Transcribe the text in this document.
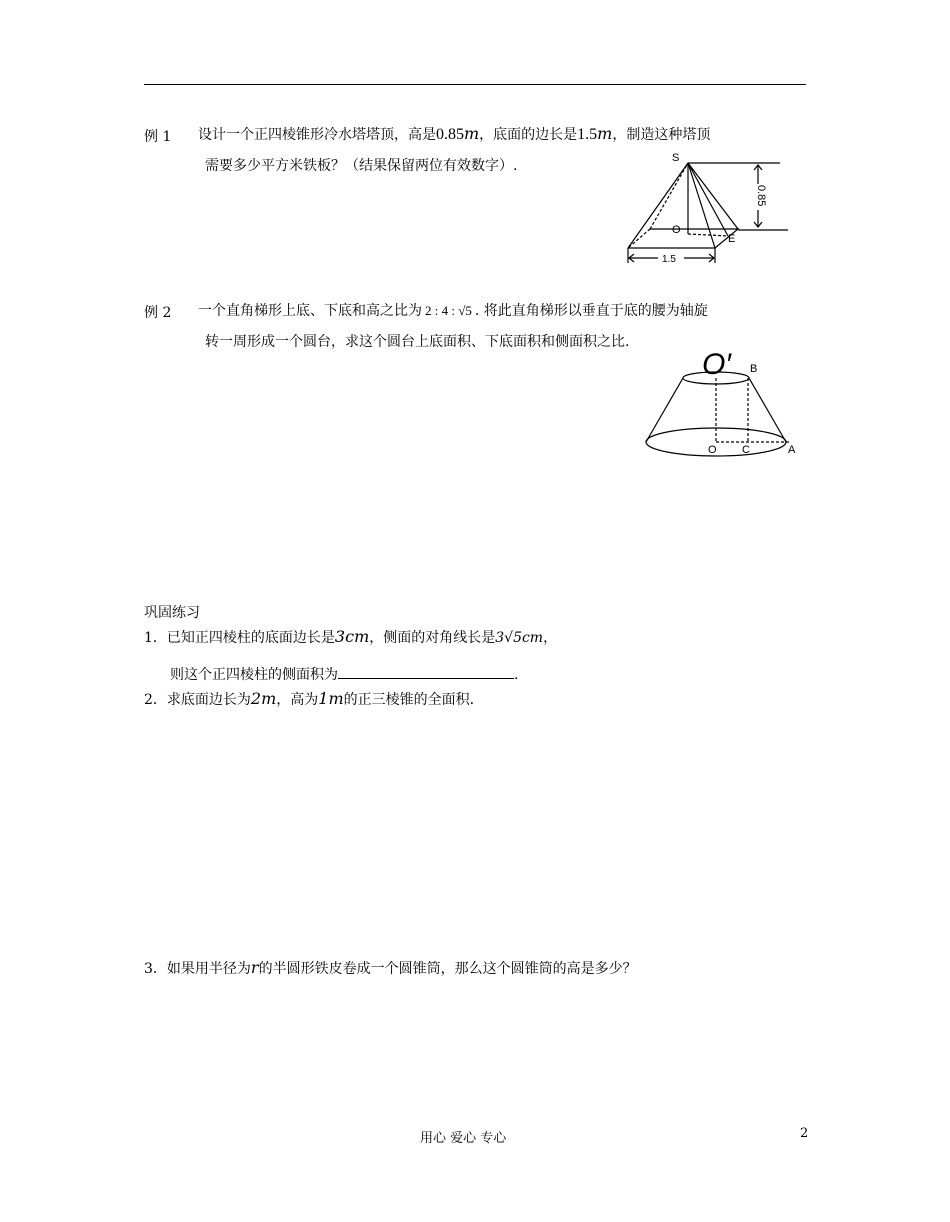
例 1 设计一个正四棱锥形冷水塔塔顶，高是0.85m，底面的边长是1.5m，制造这种塔顶
需要多少平方米铁板？（结果保留两位有效数字）.	S
O
E
0.85
1.5
例 2 一个直角梯形上底、下底和高之比为 2 : 4 : √5 . 将此直角梯形以垂直于底的腰为轴旋
转一周形成一个圆台，求这个圆台上底面积、下底面积和侧面积之比.
O′ B
O C	A
巩固练习
1．已知正四棱柱的底面边长是3cm，侧面的对角线长是3√5cm，
则这个正四棱柱的侧面积为	.
2．求底面边长为2m，高为1m的正三棱锥的全面积.
3．如果用半径为r的半圆形铁皮卷成一个圆锥筒，那么这个圆锥筒的高是多少？
用心 爱心 专心	2
